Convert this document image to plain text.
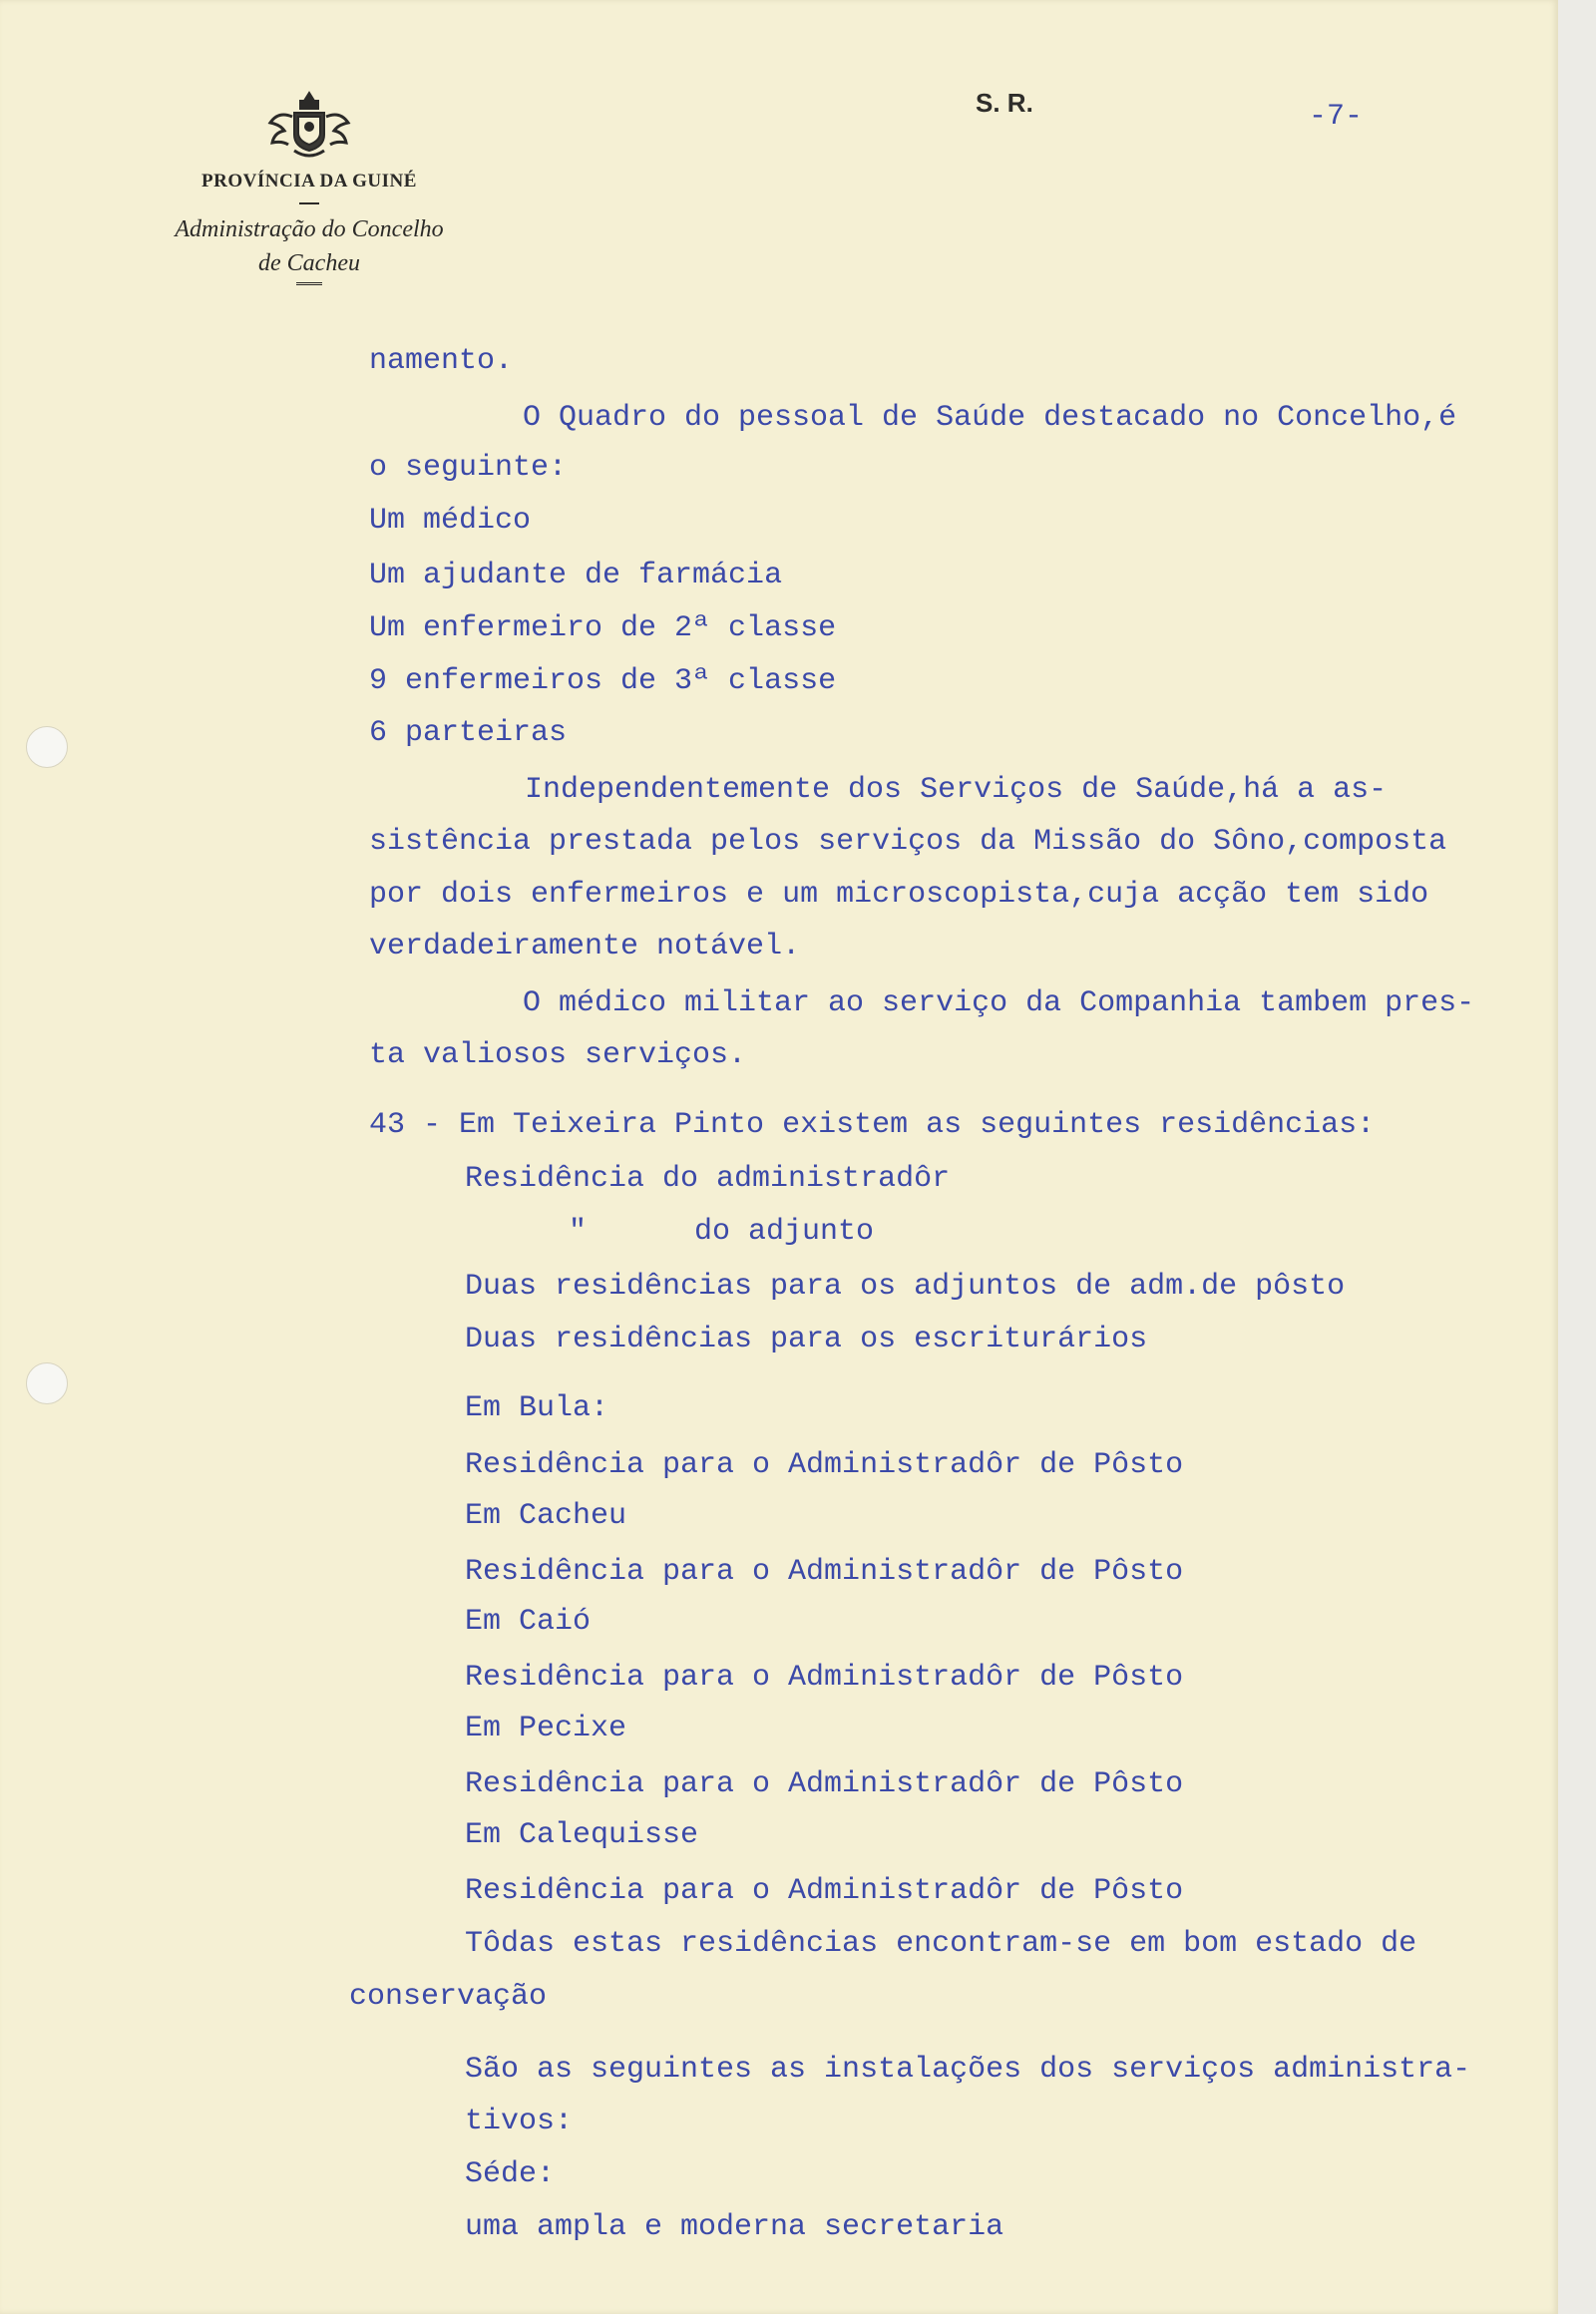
PROVÍNCIA DA GUINÉ
Administração do Concelho
de Cacheu
S. R.	-7-
namento.
O Quadro do pessoal de Saúde destacado no Concelho,é
o seguinte:
Um médico
Um ajudante de farmácia
Um enfermeiro de 2ª classe
9 enfermeiros de 3ª classe
6 parteiras
Independentemente dos Serviços de Saúde,há a as-
sistência prestada pelos serviços da Missão do Sôno,composta
por dois enfermeiros e um microscopista,cuja acção tem sido
verdadeiramente notável.
O médico militar ao serviço da Companhia tambem pres-
ta valiosos serviços.
43 - Em Teixeira Pinto existem as seguintes residências:
Residência do administradôr
"      do adjunto
Duas residências para os adjuntos de adm.de pôsto
Duas residências para os escriturários
Em Bula:
Residência para o Administradôr de Pôsto
Em Cacheu
Residência para o Administradôr de Pôsto
Em Caió
Residência para o Administradôr de Pôsto
Em Pecixe
Residência para o Administradôr de Pôsto
Em Calequisse
Residência para o Administradôr de Pôsto
Tôdas estas residências encontram-se em bom estado de
conservação
São as seguintes as instalações dos serviços administra-
tivos:
Séde:
uma ampla e moderna secretaria
